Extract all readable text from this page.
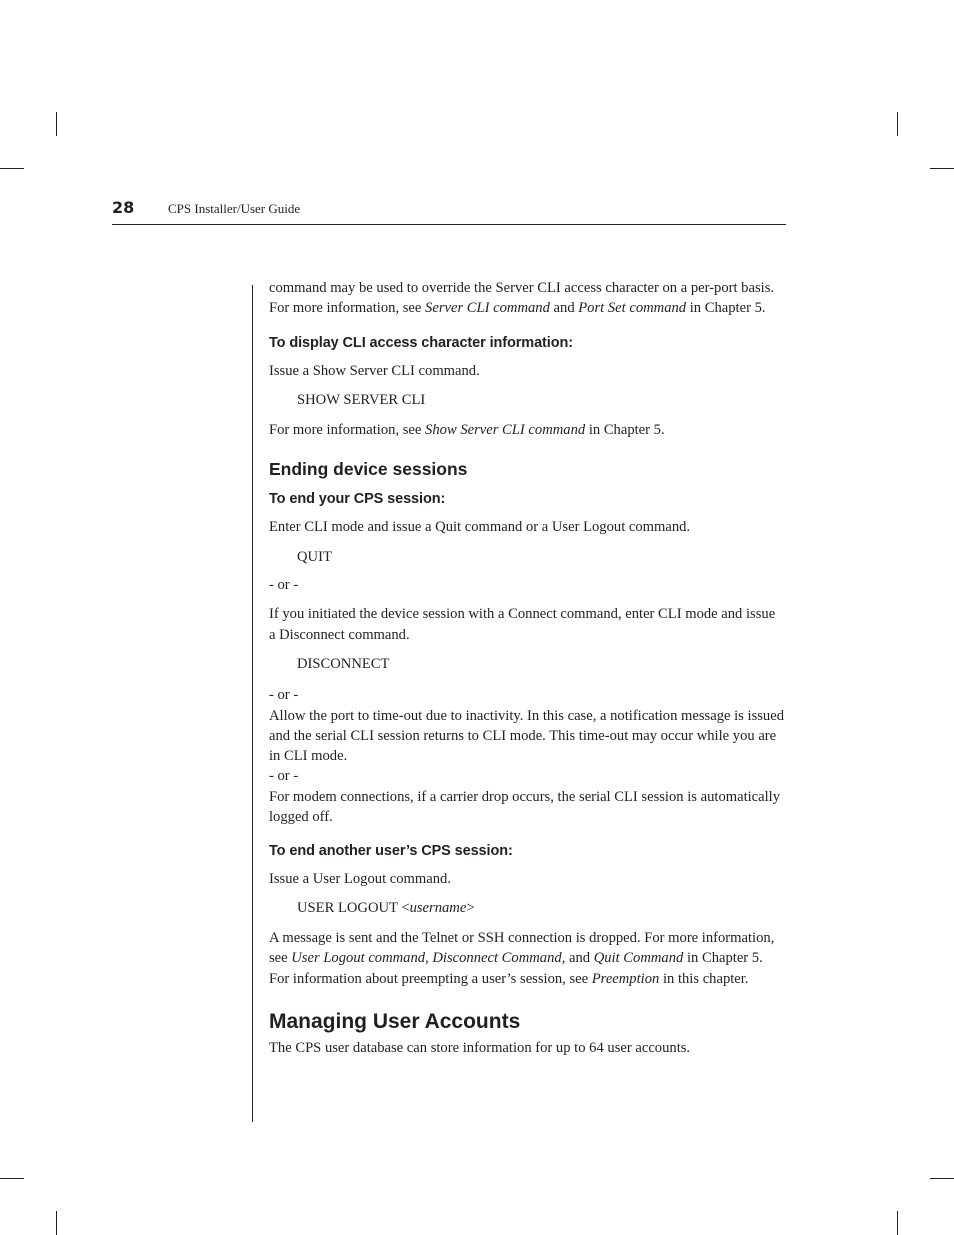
28	CPS Installer/User Guide

command may be used to override the Server CLI access character on a per-port basis. For more information, see Server CLI command and Port Set command in Chapter 5.

To display CLI access character information:

Issue a Show Server CLI command.

SHOW SERVER CLI

For more information, see Show Server CLI command in Chapter 5.

Ending device sessions
To end your CPS session:

Enter CLI mode and issue a Quit command or a User Logout command.

QUIT

- or -

If you initiated the device session with a Connect command, enter CLI mode and issue a Disconnect command.

DISCONNECT

- or -

Allow the port to time-out due to inactivity. In this case, a notification message is issued and the serial CLI session returns to CLI mode. This time-out may occur while you are in CLI mode.

- or -

For modem connections, if a carrier drop occurs, the serial CLI session is automatically logged off.

To end another user’s CPS session:

Issue a User Logout command.

USER LOGOUT <username>

A message is sent and the Telnet or SSH connection is dropped. For more information, see User Logout command, Disconnect Command, and Quit Command in Chapter 5. For information about preempting a user’s session, see Preemption in this chapter.

Managing User Accounts

The CPS user database can store information for up to 64 user accounts.
